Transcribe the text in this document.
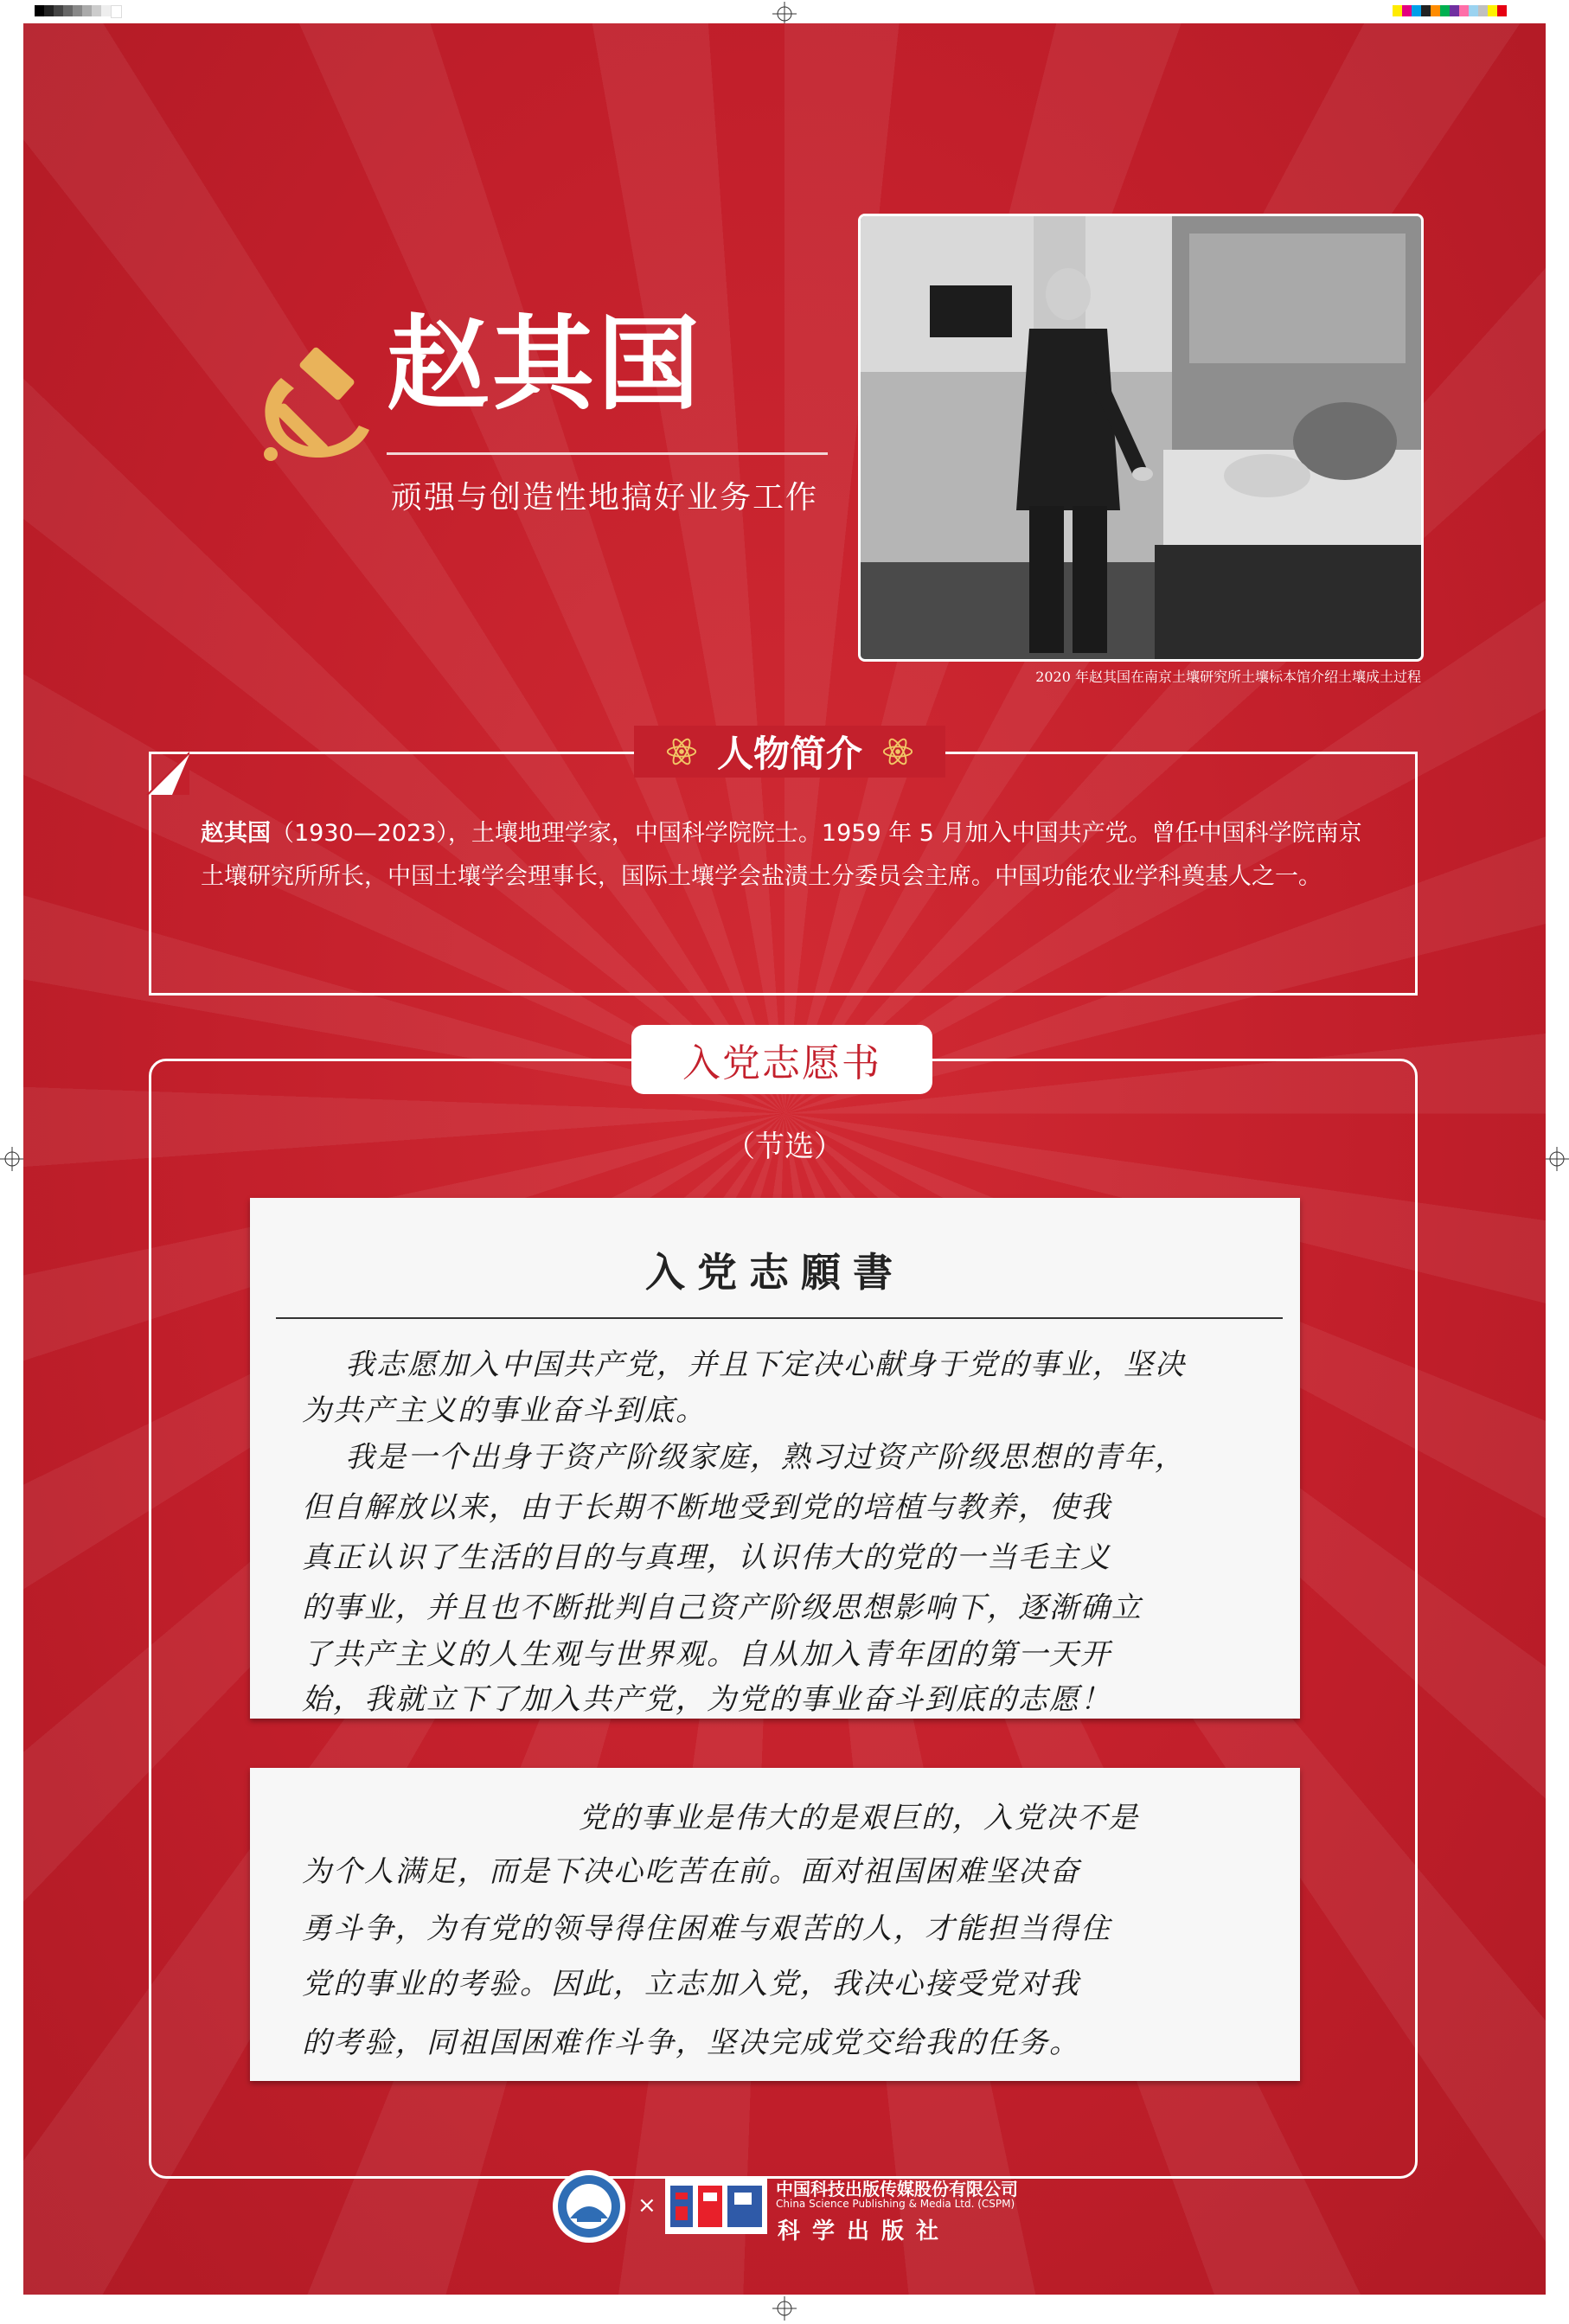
赵其国
顽强与创造性地搞好业务工作
2020 年赵其国在南京土壤研究所土壤标本馆介绍土壤成土过程
人物简介
赵其国（1930—2023），土壤地理学家，中国科学院院士。1959 年 5 月加入中国共产党。曾任中国科学院南京土壤研究所所长，中国土壤学会理事长，国际土壤学会盐渍土分委员会主席。中国功能农业学科奠基人之一。
入党志愿书
（节选）
入党志願書
我志愿加入中国共产党，并且下定决心献身于党的事业，坚决
为共产主义的事业奋斗到底。
我是一个出身于资产阶级家庭，熟习过资产阶级思想的青年，
但自解放以来，由于长期不断地受到党的培植与教养，使我
真正认识了生活的目的与真理，认识伟大的党的一当毛主义
的事业，并且也不断批判自己资产阶级思想影响下，逐渐确立
了共产主义的人生观与世界观。自从加入青年团的第一天开
始，我就立下了加入共产党，为党的事业奋斗到底的志愿！
党的事业是伟大的是艰巨的，入党决不是
为个人满足，而是下决心吃苦在前。面对祖国困难坚决奋
勇斗争，为有党的领导得住困难与艰苦的人，才能担当得住
党的事业的考验。因此，立志加入党，我决心接受党对我
的考验，同祖国困难作斗争，坚决完成党交给我的任务。
×
中国科技出版传媒股份有限公司
China Science Publishing & Media Ltd. (CSPM)
科学出版社
